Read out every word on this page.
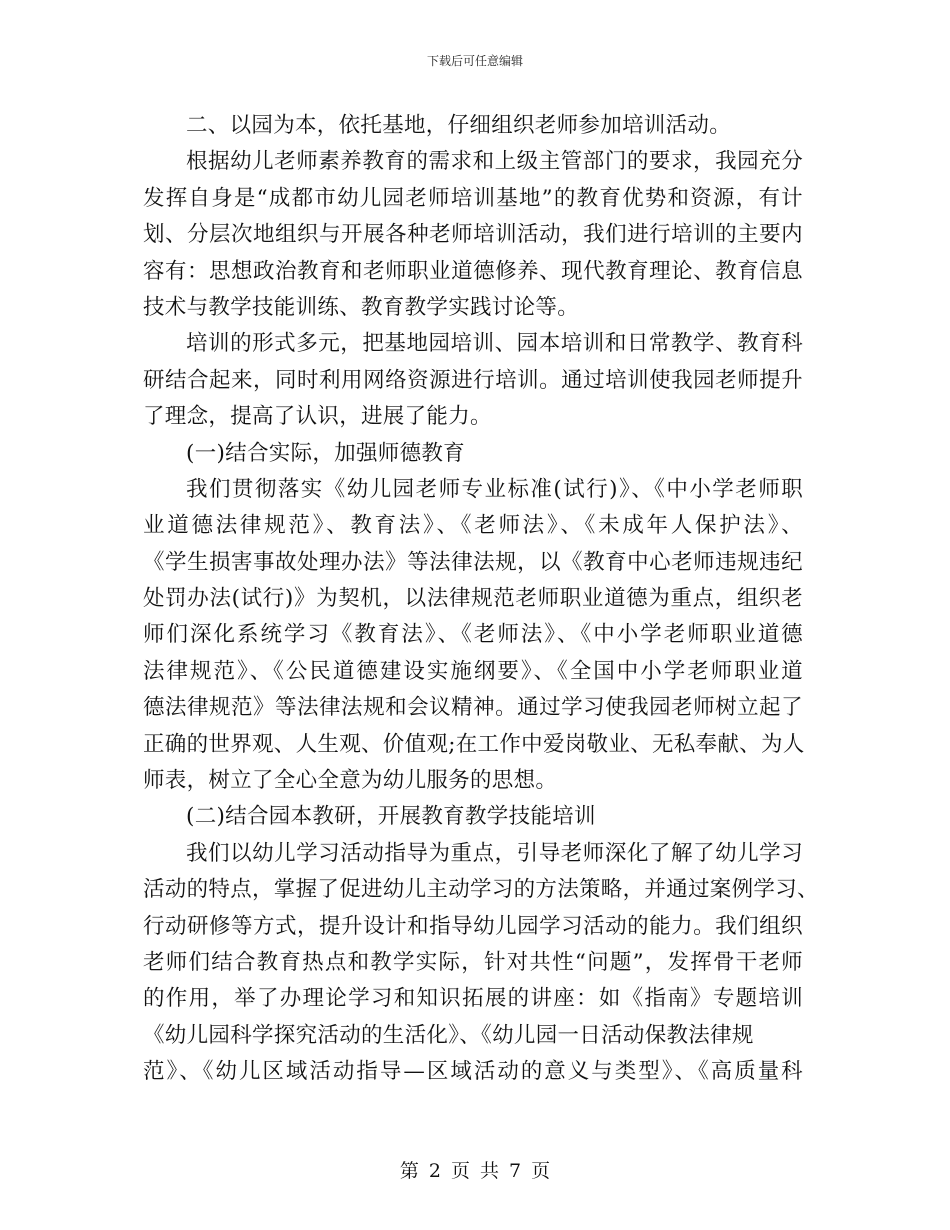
下载后可任意编辑
二、以园为本，依托基地，仔细组织老师参加培训活动。
根据幼儿老师素养教育的需求和上级主管部门的要求，我园充分
发挥自身是“成都市幼儿园老师培训基地”的教育优势和资源，有计
划、分层次地组织与开展各种老师培训活动，我们进行培训的主要内
容有：思想政治教育和老师职业道德修养、现代教育理论、教育信息
技术与教学技能训练、教育教学实践讨论等。
培训的形式多元，把基地园培训、园本培训和日常教学、教育科
研结合起来，同时利用网络资源进行培训。通过培训使我园老师提升
了理念，提高了认识，进展了能力。
(一)结合实际，加强师德教育
我们贯彻落实《幼儿园老师专业标准(试行)》、《中小学老师职
业道德法律规范》、教育法》、《老师法》、《未成年人保护法》、
《学生损害事故处理办法》等法律法规，以《教育中心老师违规违纪
处罚办法(试行)》为契机，以法律规范老师职业道德为重点，组织老
师们深化系统学习《教育法》、《老师法》、《中小学老师职业道德
法律规范》、《公民道德建设实施纲要》、《全国中小学老师职业道
德法律规范》等法律法规和会议精神。通过学习使我园老师树立起了
正确的世界观、人生观、价值观;在工作中爱岗敬业、无私奉献、为人
师表，树立了全心全意为幼儿服务的思想。
(二)结合园本教研，开展教育教学技能培训
我们以幼儿学习活动指导为重点，引导老师深化了解了幼儿学习
活动的特点，掌握了促进幼儿主动学习的方法策略，并通过案例学习、
行动研修等方式，提升设计和指导幼儿园学习活动的能力。我们组织
老师们结合教育热点和教学实际，针对共性“问题”，发挥骨干老师
的作用，举了办理论学习和知识拓展的讲座：如《指南》专题培训
《幼儿园科学探究活动的生活化》、《幼儿园一日活动保教法律规
范》、《幼儿区域活动指导—区域活动的意义与类型》、《高质量科
第 2 页 共 7 页
